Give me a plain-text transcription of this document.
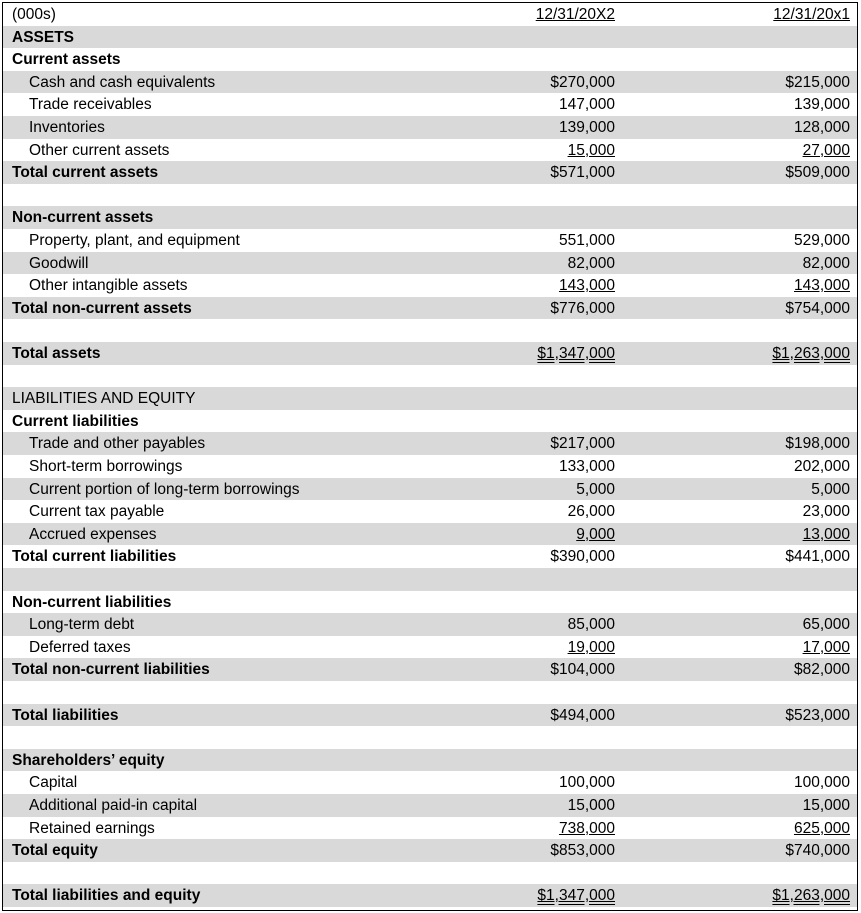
(000s)	12/31/20X2	12/31/20x1
ASSETS
Current assets
Cash and cash equivalents	$270,000	$215,000
Trade receivables	147,000	139,000
Inventories	139,000	128,000
Other current assets	15,000	27,000
Total current assets	$571,000	$509,000
Non-current assets
Property, plant, and equipment	551,000	529,000
Goodwill	82,000	82,000
Other intangible assets	143,000	143,000
Total non-current assets	$776,000	$754,000
Total assets	$1,347,000	$1,263,000
LIABILITIES AND EQUITY
Current liabilities
Trade and other payables	$217,000	$198,000
Short-term borrowings	133,000	202,000
Current portion of long-term borrowings	5,000	5,000
Current tax payable	26,000	23,000
Accrued expenses	9,000	13,000
Total current liabilities	$390,000	$441,000
Non-current liabilities
Long-term debt	85,000	65,000
Deferred taxes	19,000	17,000
Total non-current liabilities	$104,000	$82,000
Total liabilities	$494,000	$523,000
Shareholders’ equity
Capital	100,000	100,000
Additional paid-in capital	15,000	15,000
Retained earnings	738,000	625,000
Total equity	$853,000	$740,000
Total liabilities and equity	$1,347,000	$1,263,000
